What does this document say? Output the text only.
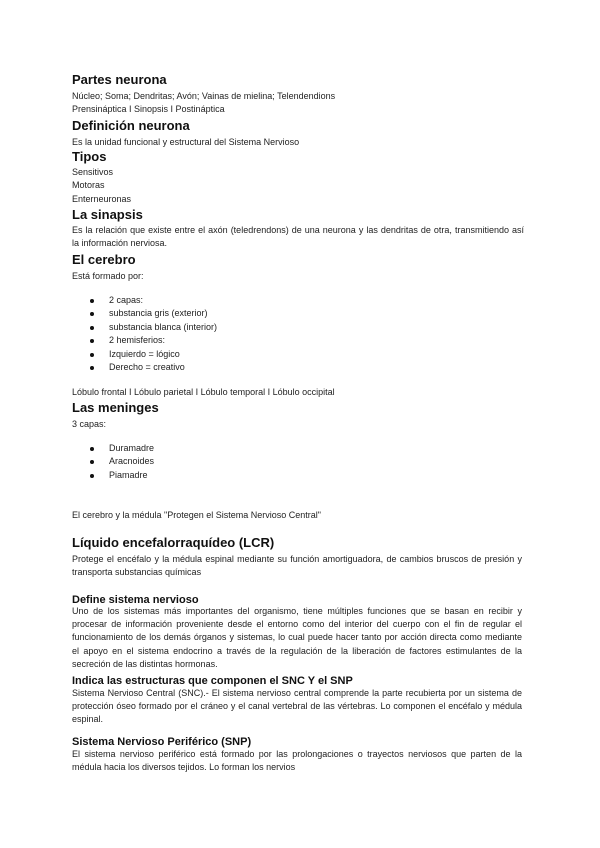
Partes neurona
Núcleo; Soma; Dendritas; Avón; Vainas de mielina; Telendendions
Prensináptica I Sinopsis I Postináptica
Definición neurona
Es la unidad funcional y estructural del Sistema Nervioso
Tipos
Sensitivos
Motoras
Enterneuronas
La sinapsis
Es la relación que existe entre el axón (teledrendons) de una neurona y las dendritas de otra, transmitiendo así la información nerviosa.
El cerebro
Está formado por:
2 capas:
substancia gris (exterior)
substancia blanca (interior)
2 hemisferios:
Izquierdo = lógico
Derecho = creativo
Lóbulo frontal I Lóbulo parietal I Lóbulo temporal I Lóbulo occipital
Las meninges
3 capas:
Duramadre
Aracnoides
Piamadre
El cerebro y la médula "Protegen el Sistema Nervioso Central"
Líquido encefalorraquídeo (LCR)
Protege el encéfalo y la médula espinal mediante su función amortiguadora, de cambios bruscos de presión y transporta substancias químicas
Define sistema nervioso
Uno de los sistemas más importantes del organismo, tiene múltiples funciones que se basan en recibir y procesar de información proveniente desde el entorno como del interior del cuerpo con el fin de regular el funcionamiento de los demás órganos y sistemas, lo cual puede hacer tanto por acción directa como mediante el apoyo en el sistema endocrino a través de la regulación de la liberación de factores estimulantes de la secreción de las distintas hormonas.
Indica las estructuras que componen el SNC Y el SNP
Sistema Nervioso Central (SNC).- El sistema nervioso central comprende la parte recubierta por un sistema de protección óseo formado por el cráneo y el canal vertebral de las vértebras. Lo componen el encéfalo y médula espinal.
Sistema Nervioso Periférico (SNP)
El sistema nervioso periférico está formado por las prolongaciones o trayectos nerviosos que parten de la médula hacia los diversos tejidos. Lo forman los nervios
